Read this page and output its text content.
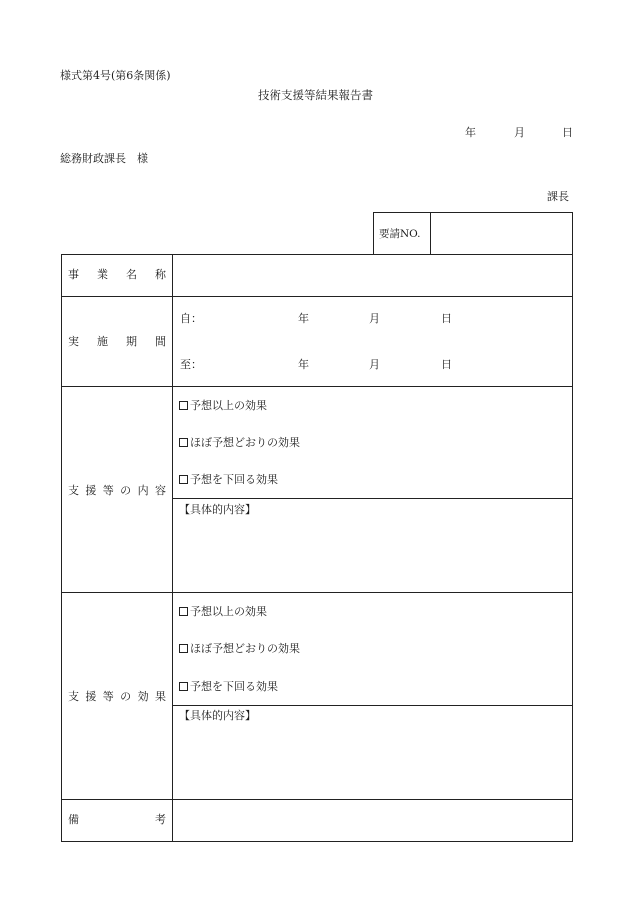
様式第4号(第6条関係)
技術支援等結果報告書
年	月	日
総務財政課長　様
課長
要請NO.
事 業 名 称
実 施 期 間
自：	年	月	日
至：	年	月	日
支 援 等 の 内 容
予想以上の効果
ほぼ予想どおりの効果
予想を下回る効果
【具体的内容】
支 援 等 の 効 果
予想以上の効果
ほぼ予想どおりの効果
予想を下回る効果
【具体的内容】
備	考
